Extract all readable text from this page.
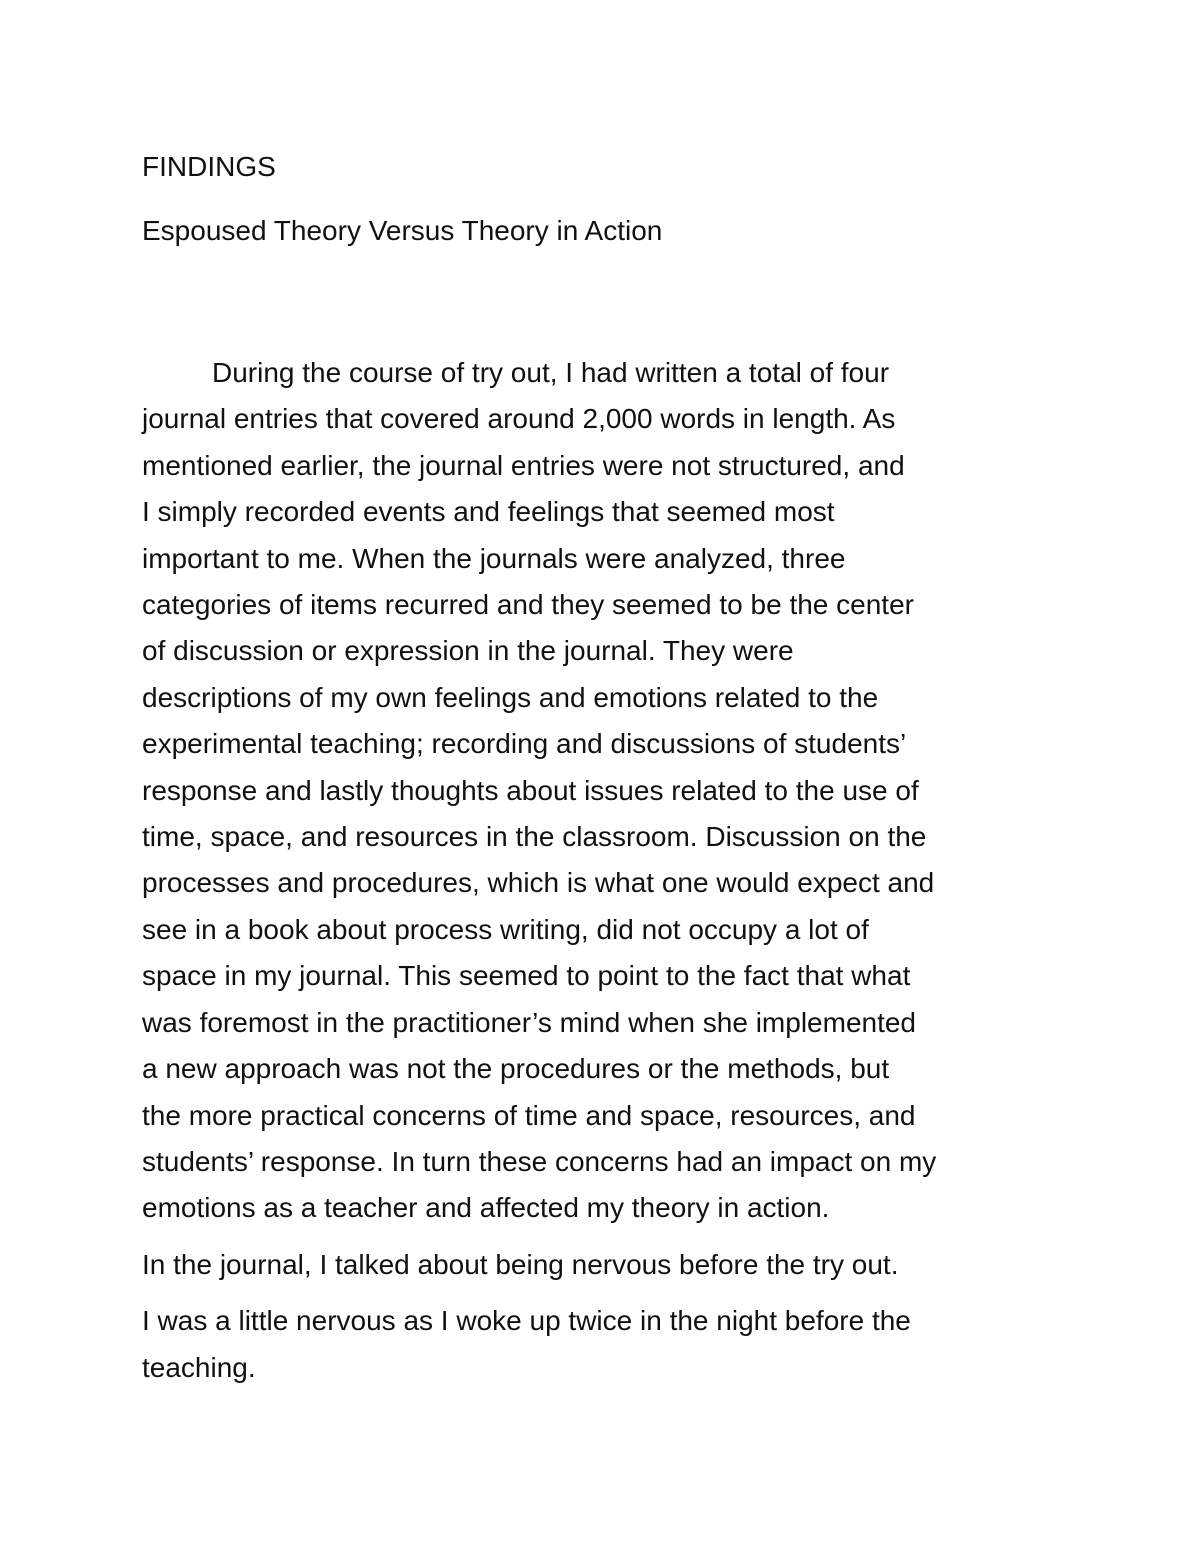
FINDINGS
Espoused Theory Versus Theory in Action
During the course of try out, I had written a total of four
journal entries that covered around 2,000 words in length. As
mentioned earlier, the journal entries were not structured, and
I simply recorded events and feelings that seemed most
important to me. When the journals were analyzed, three
categories of items recurred and they seemed to be the center
of discussion or expression in the journal. They were
descriptions of my own feelings and emotions related to the
experimental teaching; recording and discussions of students’
response and lastly thoughts about issues related to the use of
time, space, and resources in the classroom. Discussion on the
processes and procedures, which is what one would expect and
see in a book about process writing, did not occupy a lot of
space in my journal. This seemed to point to the fact that what
was foremost in the practitioner’s mind when she implemented
a new approach was not the procedures or the methods, but
the more practical concerns of time and space, resources, and
students’ response. In turn these concerns had an impact on my
emotions as a teacher and affected my theory in action.
In the journal, I talked about being nervous before the try out.
I was a little nervous as I woke up twice in the night before the
teaching.
